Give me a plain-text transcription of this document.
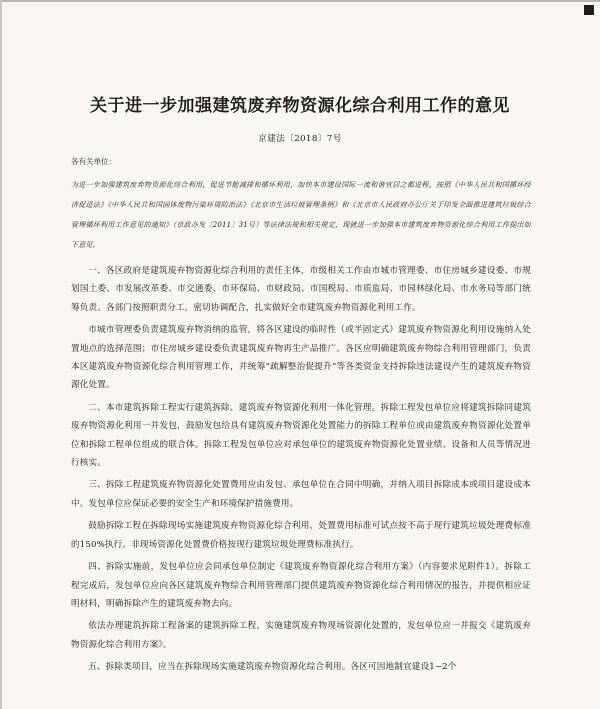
关于进一步加强建筑废弃物资源化综合利用工作的意见
京建法〔2018〕7号
各有关单位：
为进一步加强建筑废弃物资源化综合利用，促进节能减排和循环利用，加快本市建设国际一流和谐宜居之都进程，按照《中华人民共和国循环经济促进法》《中华人民共和国固体废物污染环境防治法》《北京市生活垃圾管理条例》和《北京市人民政府办公厅关于印发全面推进建筑垃圾综合管理循环利用工作意见的通知》（京政办发〔2011〕31号）等法律法规和相关规定，现就进一步加强本市建筑废弃物资源化综合利用工作提出如下意见。

一、各区政府是建筑废弃物资源化综合利用的责任主体，市级相关工作由市城市管理委、市住房城乡建设委、市规划国土委、市发展改革委、市交通委、市环保局、市财政局、市国税局、市质监局、市园林绿化局、市水务局等部门统筹负责。各部门按照职责分工，密切协调配合，扎实做好全市建筑废弃物资源化利用工作。

市城市管理委负责建筑废弃物消纳的监管，将各区建设的临时性（或半固定式）建筑废弃物资源化利用设施纳入处置地点的选择范围；市住房城乡建设委负责建筑废弃物再生产品推广。各区应明确建筑废弃物综合利用管理部门，负责本区建筑废弃物资源化综合利用管理工作，并统筹“疏解整治促提升”等各类资金支持拆除违法建设产生的建筑废弃物资源化处置。

二、本市建筑拆除工程实行建筑拆除、建筑废弃物资源化利用一体化管理。拆除工程发包单位应将建筑拆除同建筑废弃物资源化利用一并发包，鼓励发包给具有建筑废弃物资源化处置能力的拆除工程单位或由建筑废弃物资源化处置单位和拆除工程单位组成的联合体。拆除工程发包单位应对承包单位的建筑废弃物资源化处置业绩、设备和人员等情况进行核实。

三、拆除工程建筑废弃物资源化处置费用应由发包、承包单位在合同中明确，并纳入项目拆除成本或项目建设成本中。发包单位应保证必要的安全生产和环境保护措施费用。

鼓励拆除工程在拆除现场实施建筑废弃物资源化综合利用，处置费用标准可试点按不高于现行建筑垃圾处理费标准的150%执行。非现场资源化处置费价格按现行建筑垃圾处理费标准执行。

四、拆除实施前，发包单位应会同承包单位制定《建筑废弃物资源化综合利用方案》（内容要求见附件1）。拆除工程完成后，发包单位应向各区建筑废弃物综合利用管理部门提供建筑废弃物资源化综合利用情况的报告，并提供相应证明材料，明确拆除产生的建筑废弃物去向。

依法办理建筑拆除工程备案的建筑拆除工程，实施建筑废弃物现场资源化处置的，发包单位应一并报交《建筑废弃物资源化综合利用方案》。

五、拆除类项目，应当在拆除现场实施建筑废弃物资源化综合利用。各区可因地制宜建设1~2个
